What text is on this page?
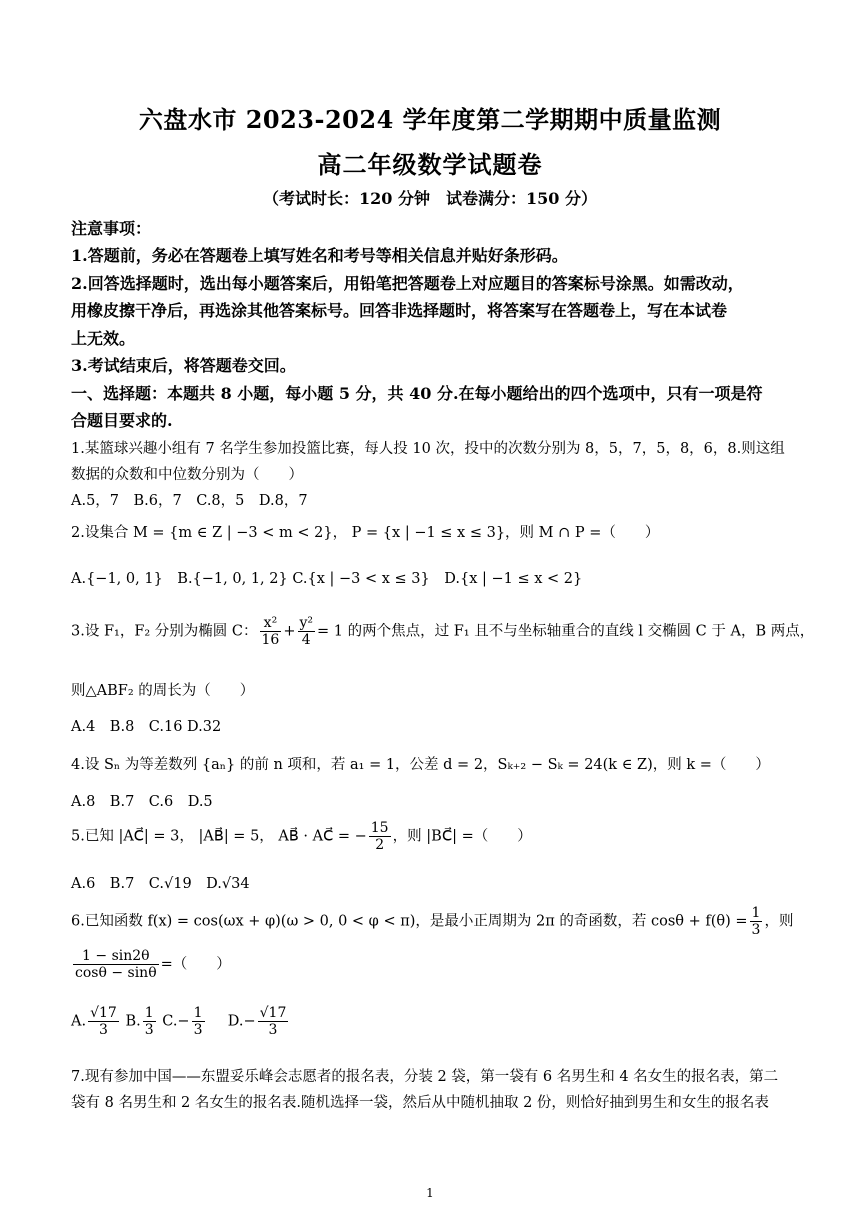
六盘水市 2023-2024 学年度第二学期期中质量监测
高二年级数学试题卷
（考试时长：120 分钟　试卷满分：150 分）
注意事项：
1.答题前，务必在答题卷上填写姓名和考号等相关信息并贴好条形码。
2.回答选择题时，选出每小题答案后，用铅笔把答题卷上对应题目的答案标号涂黑。如需改动，
用橡皮擦干净后，再选涂其他答案标号。回答非选择题时，将答案写在答题卷上，写在本试卷
上无效。
3.考试结束后，将答题卷交回。
一、选择题：本题共 8 小题，每小题 5 分，共 40 分.在每小题给出的四个选项中，只有一项是符
合题目要求的.
1.某篮球兴趣小组有 7 名学生参加投篮比赛，每人投 10 次，投中的次数分别为 8，5，7，5，8，6，8.则这组
数据的众数和中位数分别为（　　）
A.5，7　B.6，7　C.8，5　D.8，7
2.设集合 M = {m ∈ Z | −3 < m < 2}， P = {x | −1 ≤ x ≤ 3}，则 M ∩ P =（　　）
A.{−1, 0, 1}　B.{−1, 0, 1, 2} C.{x | −3 < x ≤ 3}　D.{x | −1 ≤ x < 2}
3.设 F₁，F₂ 分别为椭圆 C： $\frac{\text{x²}}{16} + \frac{\text{y²}}{4} = 1$ 的两个焦点，过 F₁ 且不与坐标轴重合的直线 l 交椭圆 C 于 A，B 两点，
则△ABF₂ 的周长为（　　）
A.4　B.8　C.16 D.32
4.设 Sₙ 为等差数列 {aₙ} 的前 n 项和，若 a₁ = 1，公差 d = 2，Sₖ₊₂ − Sₖ = 24(k ∈ Z)，则 k =（　　）
A.8　B.7　C.6　D.5
5.已知 |AC⃗| = 3， |AB⃗| = 5， AB⃗ · AC⃗ = − $\frac{15}{2}$ ，则 |BC⃗| =（　　）
A.6　B.7　C.√19　D.√34
6.已知函数 f(x) = cos(ωx + φ)(ω > 0, 0 < φ < π)，是最小正周期为 2π 的奇函数，若 $\cos\theta + f(\theta) = \frac{1}{3}$ ，则
$\frac{1 - \sin 2\theta}{\cos\theta - \sin\theta}$ =（　　）
A. $\frac{√17}{3} B$. $\frac{1}{3} C.- \frac{1}{3} D.- \frac{√17}{3}$
7.现有参加中国——东盟妥乐峰会志愿者的报名表，分装 2 袋，第一袋有 6 名男生和 4 名女生的报名表，第二
袋有 8 名男生和 2 名女生的报名表.随机选择一袋，然后从中随机抽取 2 份，则恰好抽到男生和女生的报名表
1
